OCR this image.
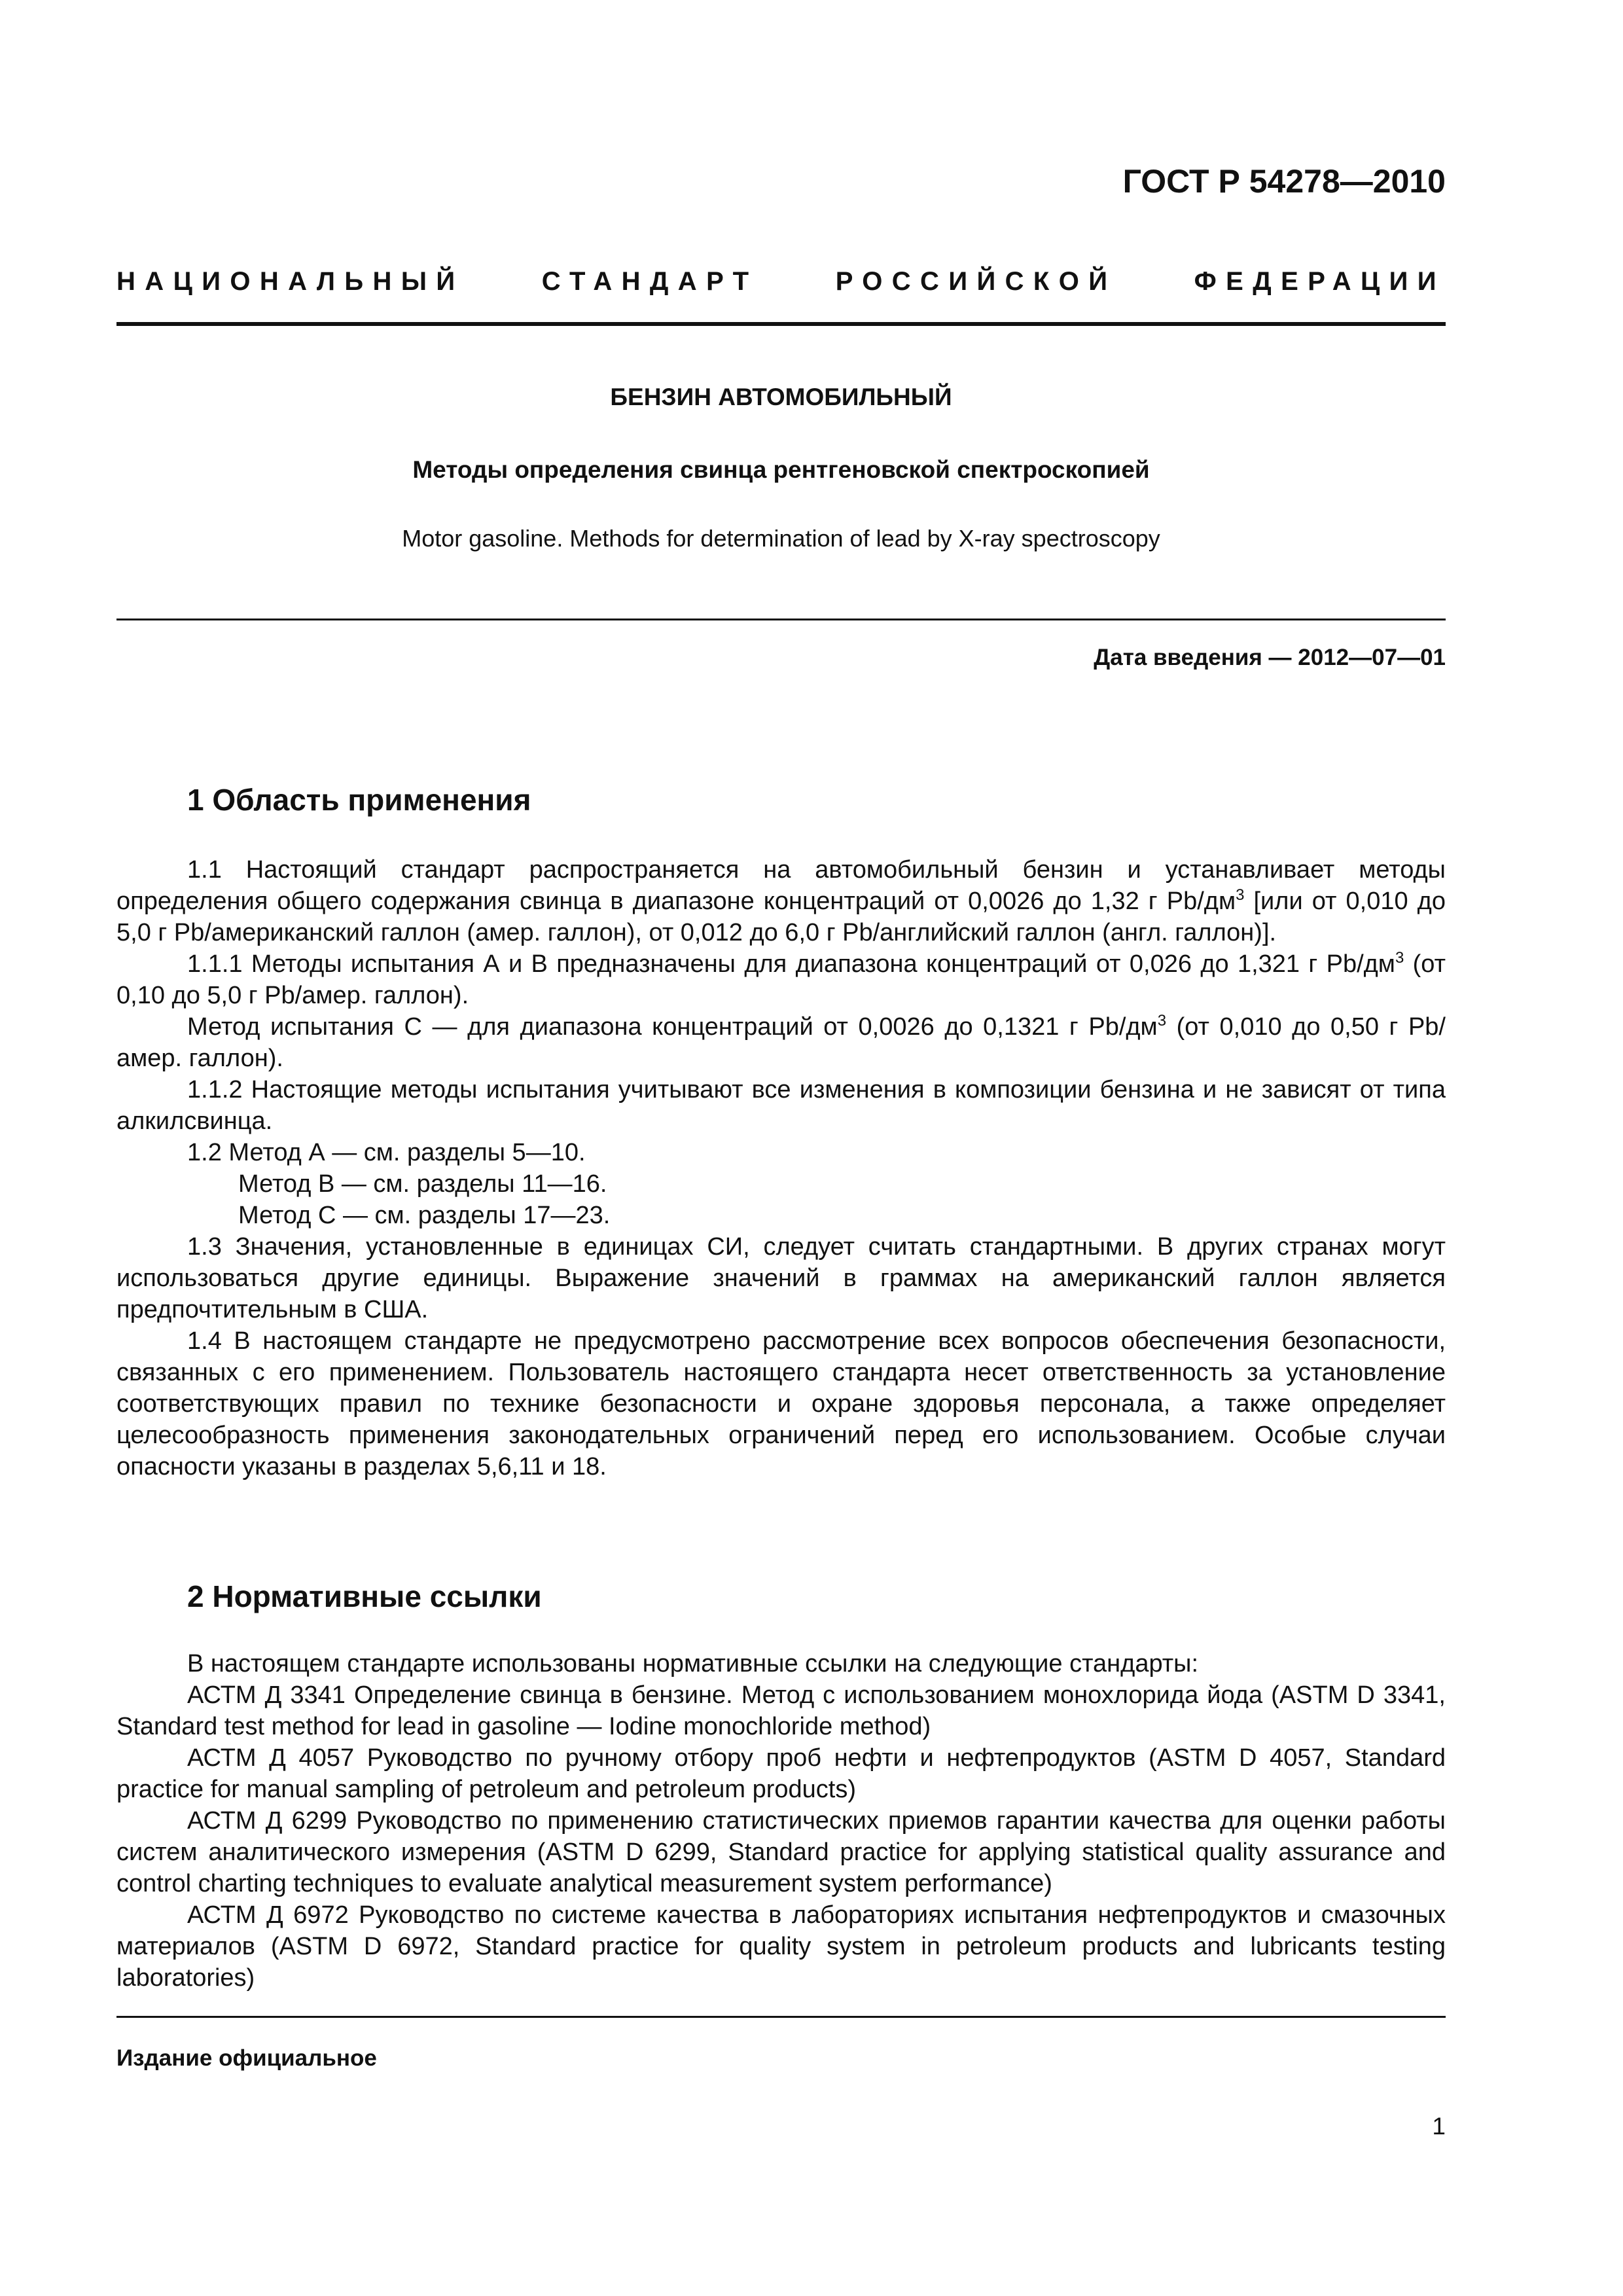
ГОСТ Р 54278—2010
НАЦИОНАЛЬНЫЙ	СТАНДАРТ	РОССИЙСКОЙ	ФЕДЕРАЦИИ
БЕНЗИН АВТОМОБИЛЬНЫЙ
Методы определения свинца рентгеновской спектроскопией
Motor gasoline. Methods for determination of lead by X-ray spectroscopy
Дата введения — 2012—07—01
1 Область применения

1.1 Настоящий стандарт распространяется на автомобильный бензин и устанавливает методы определения общего содержания свинца в диапазоне концентраций от 0,0026 до 1,32 г $Pb/дм^3$ [или от 0,010 до 5,0 г Pb/американский галлон (амер. галлон), от 0,012 до 6,0 г Pb/английский галлон (англ. галлон)].

1.1.1 Методы испытания А и В предназначены для диапазона концентраций от 0,026 до 1,321 г $Pb/дм^3$ (от 0,10 до 5,0 г Pb/амер. галлон).

Метод испытания С — для диапазона концентраций от 0,0026 до 0,1321 г $Pb/дм^3$ (от 0,010 до 0,50 г Pb/амер. галлон).

1.1.2 Настоящие методы испытания учитывают все изменения в композиции бензина и не зависят от типа алкилсвинца.

1.2 Метод А — см. разделы 5—10.

Метод В — см. разделы 11—16.

Метод С — см. разделы 17—23.

1.3 Значения, установленные в единицах СИ, следует считать стандартными. В других странах могут использоваться другие единицы. Выражение значений в граммах на американский галлон является предпочтительным в США.

1.4 В настоящем стандарте не предусмотрено рассмотрение всех вопросов обеспечения безопасности, связанных с его применением. Пользователь настоящего стандарта несет ответственность за установление соответствующих правил по технике безопасности и охране здоровья персонала, а также определяет целесообразность применения законодательных ограничений перед его использованием. Особые случаи опасности указаны в разделах 5,6,11 и 18.

2 Нормативные ссылки

В настоящем стандарте использованы нормативные ссылки на следующие стандарты:

АСТМ Д 3341 Определение свинца в бензине. Метод с использованием монохлорида йода (ASTM D 3341, Standard test method for lead in gasoline — Iodine monochloride method)

АСТМ Д 4057 Руководство по ручному отбору проб нефти и нефтепродуктов (ASTM D 4057, Standard practice for manual sampling of petroleum and petroleum products)

АСТМ Д 6299 Руководство по применению статистических приемов гарантии качества для оценки работы систем аналитического измерения (ASTM D 6299, Standard practice for applying statistical quality assurance and control charting techniques to evaluate analytical measurement system performance)

АСТМ Д 6972 Руководство по системе качества в лабораториях испытания нефтепродуктов и смазочных материалов (ASTM D 6972, Standard practice for quality system in petroleum products and lubricants testing laboratories)

Издание официальное
1
